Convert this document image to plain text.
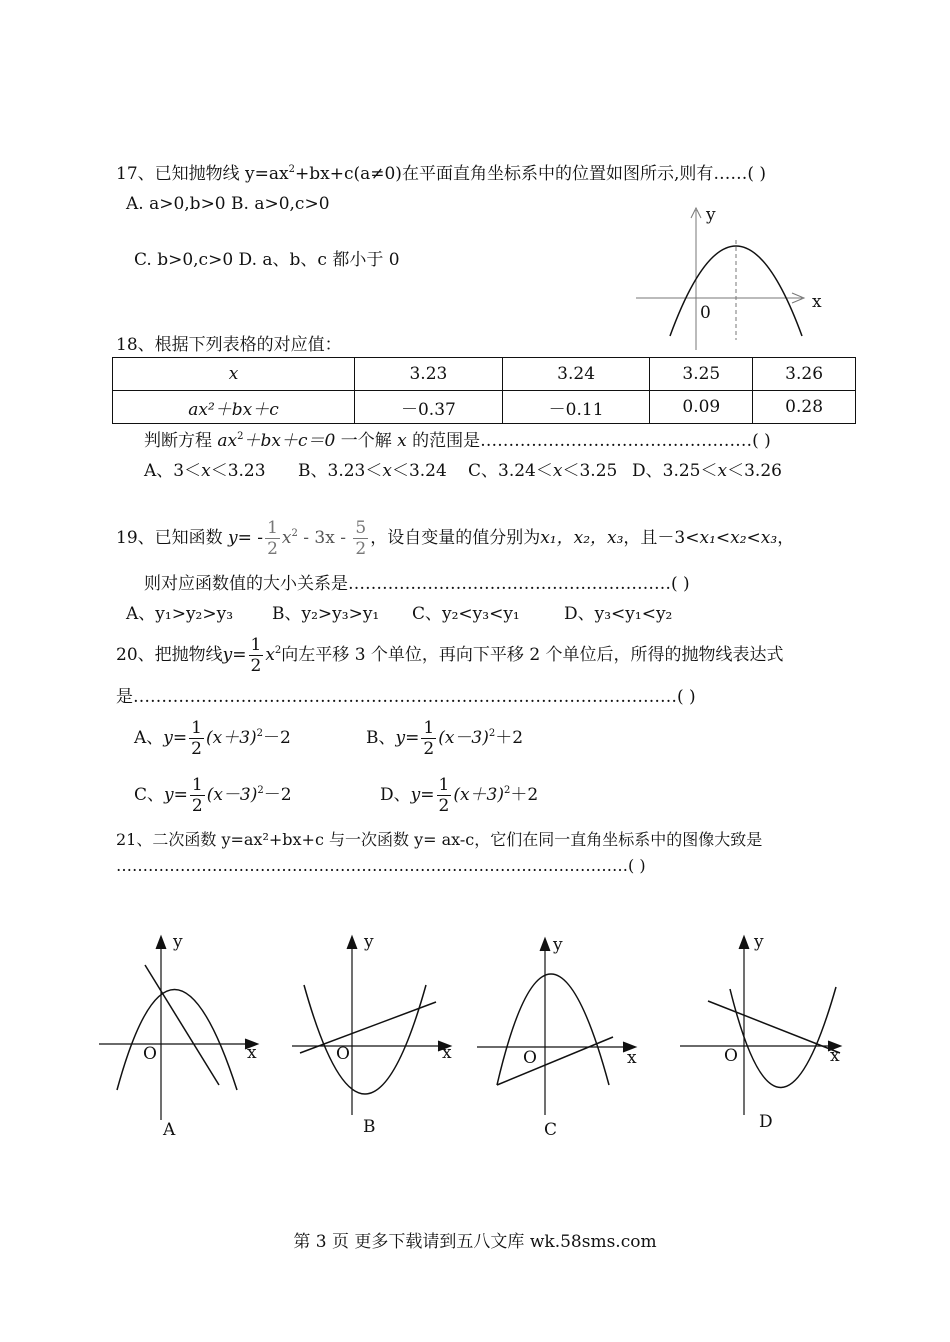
17、已知抛物线 $y=ax^2+bx+c(a\ne 0)$在平面直角坐标系中的位置如图所示,则有……( )
A. a>0,b>0 B. a>0,c>0
C. b>0,c>0 D. a、b、c 都小于 0
y
x
0
18、根据下列表格的对应值：
x	3.23	3.24	3.25	3.26
ax²＋bx＋c	－0.37	－0.11	0.09	0.28
判断方程 $ax^2+bx+c=0$ 一个解 x 的范围是…………………………………………( )
A、3＜x＜3.23 B、3.23＜x＜3.24 C、3.24＜x＜3.25 D、3.25＜x＜3.26
19、已知函数 $y= - \frac{1}{2} x^2 - 3x - \frac{5}{2}$ ，设自变量的值分别为x₁，x₂，x₃，且－3<x₁<x₂<x₃，
则对应函数值的大小关系是…………………………………………………( )
A、y₁>y₂>y₃ B、y₂>y₃>y₁ C、y₂<y₃<y₁	D、y₃<y₁<y₂
20、把抛物线$y= \frac{1}{2} x^2$向左平移 3 个单位，再向下平移 2 个单位后，所得的抛物线表达式
是……………………………………………………………………………………( )
A、$y= \frac{1}{2} (x+3)^2-2$	B、$y= \frac{1}{2} (x-3)^2+2$
C、$y= \frac{1}{2} (x-3)^2-2$	D、$y= \frac{1}{2} (x+3)^2+2$
21、二次函数 y=ax²+bx+c 与一次函数 y= ax-c，它们在同一直角坐标系中的图像大致是
……………………………………………………………………………………( )
y
x
O
A
y
x
O
B
y
x
O
C
y
x
O
D
第 3 页 更多下载请到五八文库 wk.58sms.com
